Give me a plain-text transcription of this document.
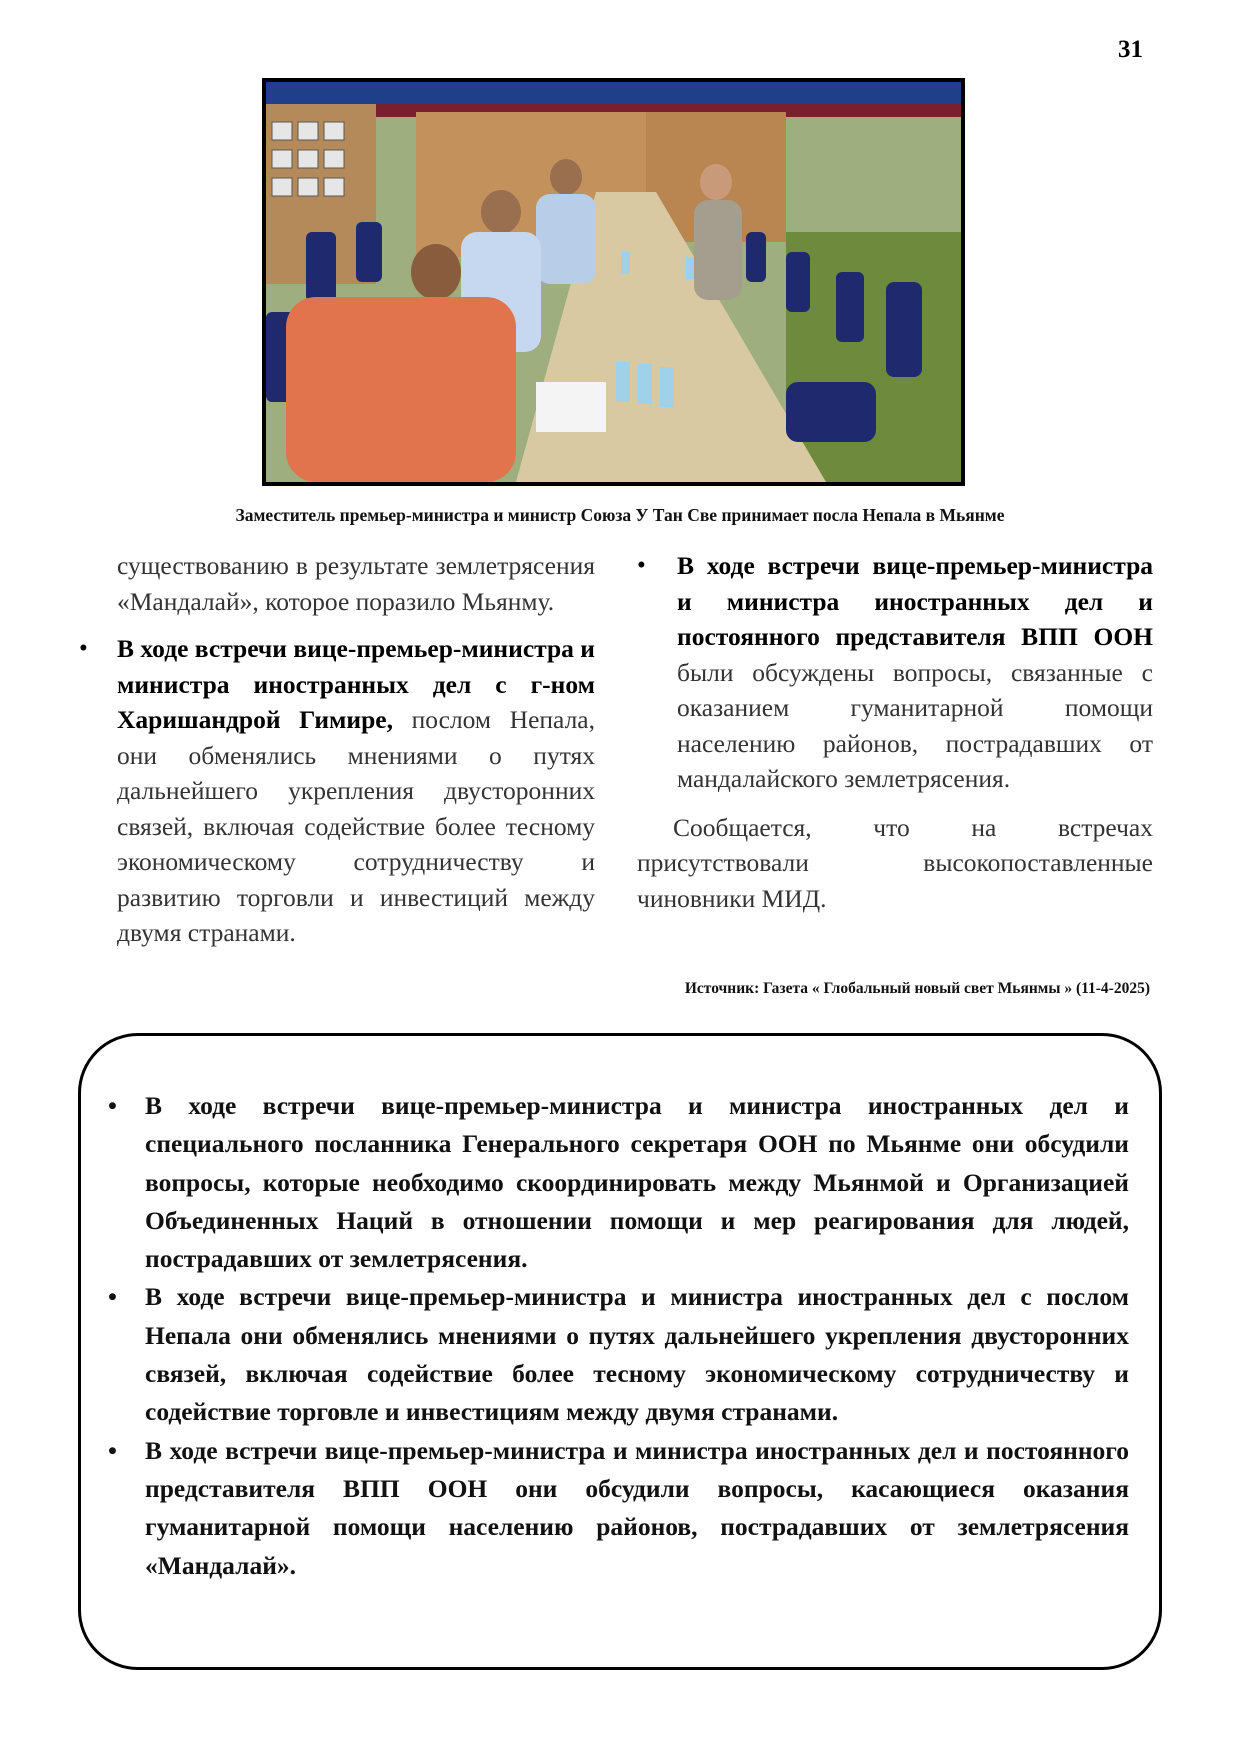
31
Заместитель премьер-министра и министр Союза У Тан Све принимает посла Непала в Мьянме

существованию в результате землетрясения «Мандалай», которое поразило Мьянму.

• В ходе встречи вице-премьер-министра и министра иностранных дел с г-ном Харишандрой Гимире, послом Непала, они обменялись мнениями о путях дальнейшего укрепления двусторонних связей, включая содействие более тесному экономическому сотрудничеству и развитию торговли и инвестиций между двумя странами.

• В ходе встречи вице-премьер-министра и министра иностранных дел и постоянного представителя ВПП ООН были обсуждены вопросы, связанные с оказанием гуманитарной помощи населению районов, пострадавших от мандалайского землетрясения.

Сообщается, что на встречах присутствовали высокопоставленные чиновники МИД.

Источник: Газета « Глобальный новый свет Мьянмы » (11-4-2025)
• В ходе встречи вице-премьер-министра и министра иностранных дел и специального посланника Генерального секретаря ООН по Мьянме они обсудили вопросы, которые необходимо скоординировать между Мьянмой и Организацией Объединенных Наций в отношении помощи и мер реагирования для людей, пострадавших от землетрясения.
• В ходе встречи вице-премьер-министра и министра иностранных дел с послом Непала они обменялись мнениями о путях дальнейшего укрепления двусторонних связей, включая содействие более тесному экономическому сотрудничеству и содействие торговле и инвестициям между двумя странами.
• В ходе встречи вице-премьер-министра и министра иностранных дел и постоянного представителя ВПП ООН они обсудили вопросы, касающиеся оказания гуманитарной помощи населению районов, пострадавших от землетрясения «Мандалай».
